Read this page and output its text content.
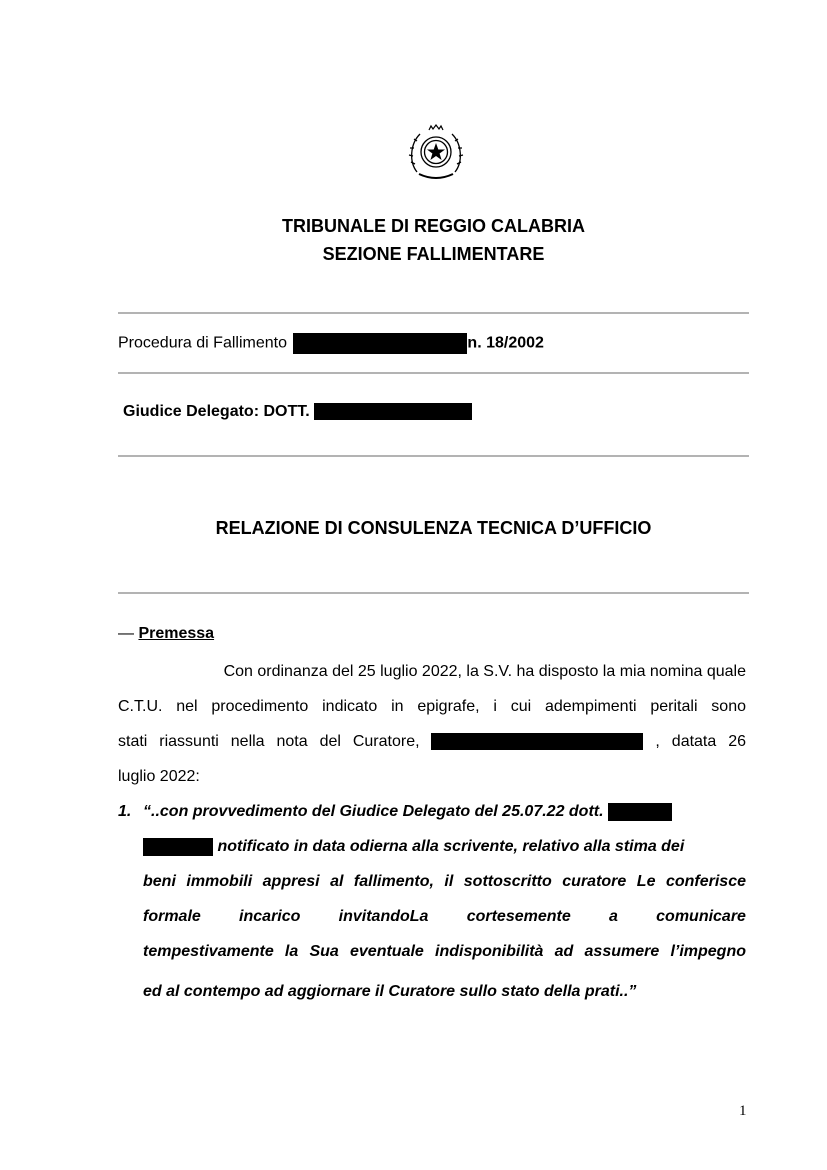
TRIBUNALE DI REGGIO CALABRIA
SEZIONE FALLIMENTARE
Procedura di Fallimento	n. 18/2002
Giudice Delegato: DOTT.
RELAZIONE DI CONSULENZA TECNICA D’UFFICIO
— Premessa
Con ordinanza del 25 luglio 2022, la S.V. ha disposto la mia nomina quale
C.T.U. nel procedimento indicato in epigrafe, i cui adempimenti peritali sono
stati riassunti nella nota del Curatore,	, datata 26
luglio 2022:
1. “..con provvedimento del Giudice Delegato del 25.07.22 dott.
notificato in data odierna alla scrivente, relativo alla stima dei
beni immobili appresi al fallimento, il sottoscritto curatore Le conferisce
formale incarico invitandoLa cortesemente a comunicare
tempestivamente la Sua eventuale indisponibilità ad assumere l’impegno
ed al contempo ad aggiornare il Curatore sullo stato della prati..”
1
